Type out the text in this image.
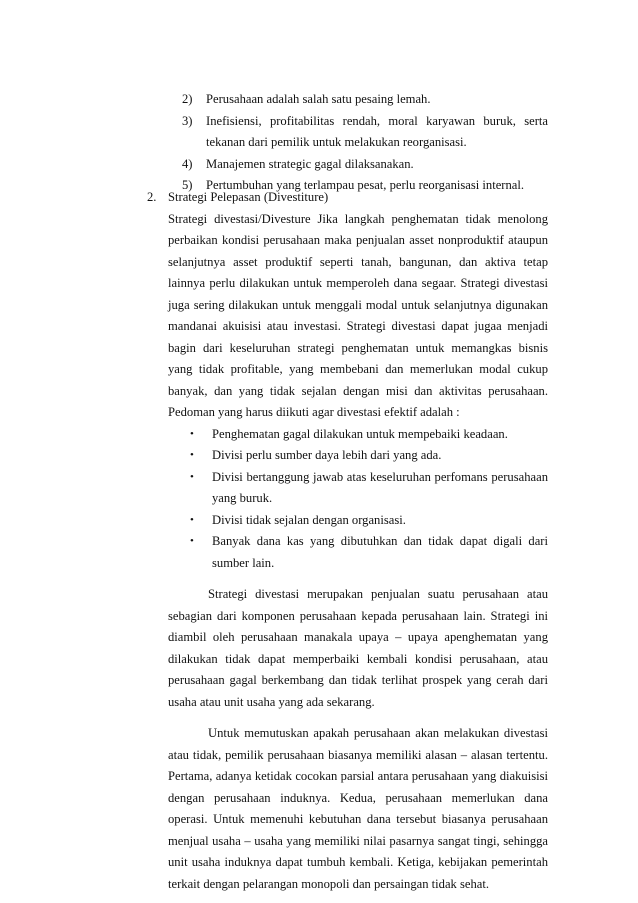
2) Perusahaan adalah salah satu pesaing lemah.
3) Inefisiensi, profitabilitas rendah, moral karyawan buruk, serta tekanan dari pemilik untuk melakukan reorganisasi.
4) Manajemen strategic gagal dilaksanakan.
5) Pertumbuhan yang terlampau pesat, perlu reorganisasi internal.
2. Strategi Pelepasan (Divestiture)

Strategi divestasi/Divesture Jika langkah penghematan tidak menolong perbaikan kondisi perusahaan maka penjualan asset nonproduktif ataupun selanjutnya asset produktif seperti tanah, bangunan, dan aktiva tetap lainnya perlu dilakukan untuk memperoleh dana segaar. Strategi divestasi juga sering dilakukan untuk menggali modal untuk selanjutnya digunakan mandanai akuisisi atau investasi. Strategi divestasi dapat jugaa menjadi bagin dari keseluruhan strategi penghematan untuk memangkas bisnis yang tidak profitable, yang membebani dan memerlukan modal cukup banyak, dan yang tidak sejalan dengan misi dan aktivitas perusahaan. Pedoman yang harus diikuti agar divestasi efektif adalah :

• Penghematan gagal dilakukan untuk mempebaiki keadaan.
• Divisi perlu sumber daya lebih dari yang ada.
• Divisi bertanggung jawab atas keseluruhan perfomans perusahaan yang buruk.
• Divisi tidak sejalan dengan organisasi.
• Banyak dana kas yang dibutuhkan dan tidak dapat digali dari sumber lain.

Strategi divestasi merupakan penjualan suatu perusahaan atau sebagian dari komponen perusahaan kepada perusahaan lain. Strategi ini diambil oleh perusahaan manakala upaya – upaya apenghematan yang dilakukan tidak dapat memperbaiki kembali kondisi perusahaan, atau perusahaan gagal berkembang dan tidak terlihat prospek yang cerah dari usaha atau unit usaha yang ada sekarang.

Untuk memutuskan apakah perusahaan akan melakukan divestasi atau tidak, pemilik perusahaan biasanya memiliki alasan – alasan tertentu. Pertama, adanya ketidak cocokan parsial antara perusahaan yang diakuisisi dengan perusahaan induknya. Kedua, perusahaan memerlukan dana operasi. Untuk memenuhi kebutuhan dana tersebut biasanya perusahaan menjual usaha – usaha yang memiliki nilai pasarnya sangat tingi, sehingga unit usaha induknya dapat tumbuh kembali. Ketiga, kebijakan pemerintah terkait dengan pelarangan monopoli dan persaingan tidak sehat.
